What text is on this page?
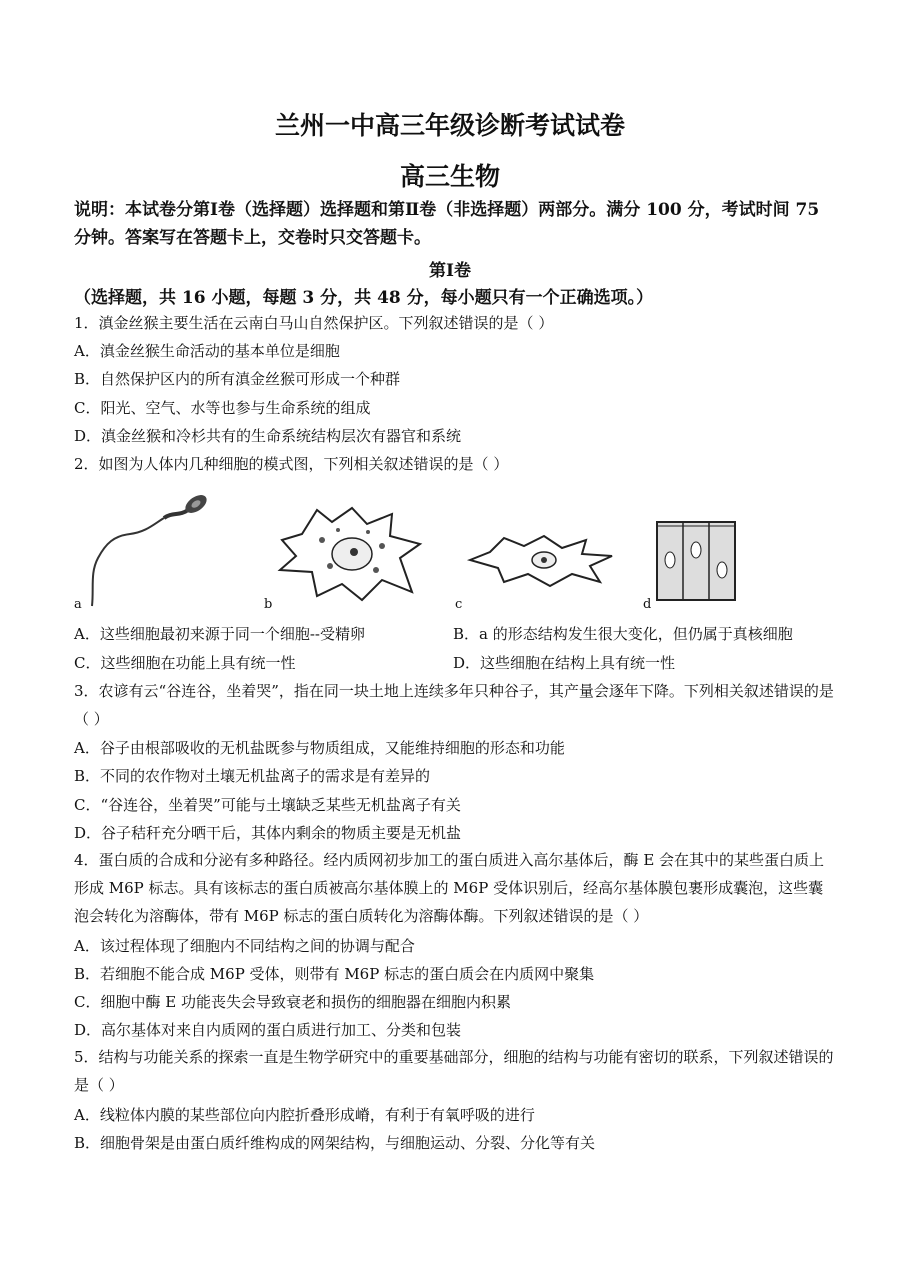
兰州一中高三年级诊断考试试卷
高三生物
说明：本试卷分第Ⅰ卷（选择题）选择题和第Ⅱ卷（非选择题）两部分。满分 100 分，考试时间 75 分钟。答案写在答题卡上，交卷时只交答题卡。
第Ⅰ卷
（选择题，共 16 小题，每题 3 分，共 48 分，每小题只有一个正确选项。）
1．滇金丝猴主要生活在云南白马山自然保护区。下列叙述错误的是（ ）
A．滇金丝猴生命活动的基本单位是细胞
B．自然保护区内的所有滇金丝猴可形成一个种群
C．阳光、空气、水等也参与生命系统的组成
D．滇金丝猴和冷杉共有的生命系统结构层次有器官和系统
2．如图为人体内几种细胞的模式图，下列相关叙述错误的是（ ）
a	b	c	d
A．这些细胞最初来源于同一个细胞--受精卵	B．a 的形态结构发生很大变化，但仍属于真核细胞
C．这些细胞在功能上具有统一性	D．这些细胞在结构上具有统一性
3．农谚有云“谷连谷，坐着哭”，指在同一块土地上连续多年只种谷子，其产量会逐年下降。下列相关叙述错误的是（ ）
A．谷子由根部吸收的无机盐既参与物质组成，又能维持细胞的形态和功能
B．不同的农作物对土壤无机盐离子的需求是有差异的
C．“谷连谷，坐着哭”可能与土壤缺乏某些无机盐离子有关
D．谷子秸秆充分晒干后，其体内剩余的物质主要是无机盐
4．蛋白质的合成和分泌有多种路径。经内质网初步加工的蛋白质进入高尔基体后，酶 E 会在其中的某些蛋白质上形成 M6P 标志。具有该标志的蛋白质被高尔基体膜上的 M6P 受体识别后，经高尔基体膜包裹形成囊泡，这些囊泡会转化为溶酶体，带有 M6P 标志的蛋白质转化为溶酶体酶。下列叙述错误的是（ ）
A．该过程体现了细胞内不同结构之间的协调与配合
B．若细胞不能合成 M6P 受体，则带有 M6P 标志的蛋白质会在内质网中聚集
C．细胞中酶 E 功能丧失会导致衰老和损伤的细胞器在细胞内积累
D．高尔基体对来自内质网的蛋白质进行加工、分类和包装
5．结构与功能关系的探索一直是生物学研究中的重要基础部分，细胞的结构与功能有密切的联系，下列叙述错误的是（ ）
A．线粒体内膜的某些部位向内腔折叠形成嵴，有利于有氧呼吸的进行
B．细胞骨架是由蛋白质纤维构成的网架结构，与细胞运动、分裂、分化等有关
